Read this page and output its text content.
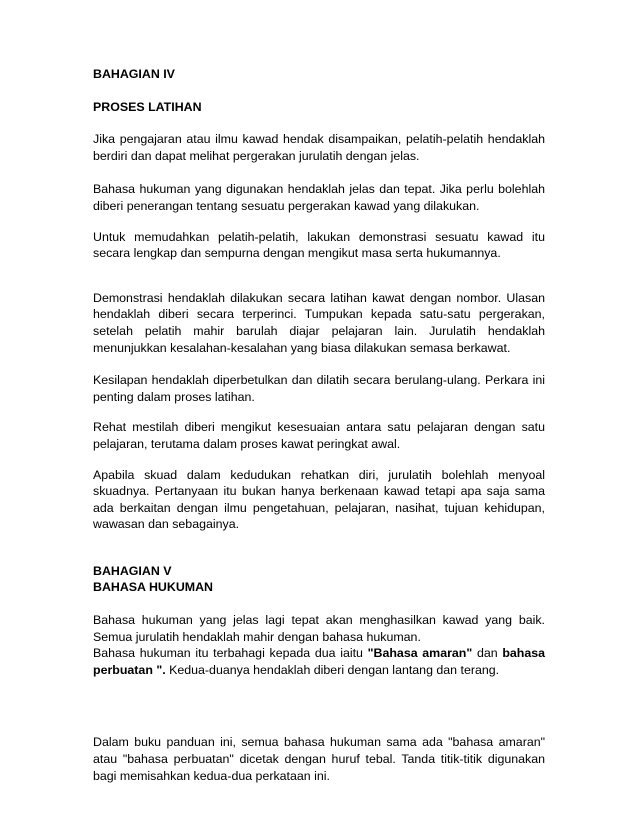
BAHAGIAN IV
PROSES LATIHAN

Jika pengajaran atau ilmu kawad hendak disampaikan, pelatih-pelatih hendaklah berdiri dan dapat melihat pergerakan jurulatih dengan jelas.

Bahasa hukuman yang digunakan hendaklah jelas dan tepat. Jika perlu bolehlah diberi penerangan tentang sesuatu pergerakan kawad yang dilakukan.

Untuk memudahkan pelatih-pelatih, lakukan demonstrasi sesuatu kawad itu secara lengkap dan sempurna dengan mengikut masa serta hukumannya.

Demonstrasi hendaklah dilakukan secara latihan kawat dengan nombor. Ulasan hendaklah diberi secara terperinci. Tumpukan kepada satu-satu pergerakan, setelah pelatih mahir barulah diajar pelajaran lain. Jurulatih hendaklah menunjukkan kesalahan-kesalahan yang biasa dilakukan semasa berkawat.

Kesilapan hendaklah diperbetulkan dan dilatih secara berulang-ulang. Perkara ini penting dalam proses latihan.

Rehat mestilah diberi mengikut kesesuaian antara satu pelajaran dengan satu pelajaran, terutama dalam proses kawat peringkat awal.

Apabila skuad dalam kedudukan rehatkan diri, jurulatih bolehlah menyoal skuadnya. Pertanyaan itu bukan hanya berkenaan kawad tetapi apa saja sama ada berkaitan dengan ilmu pengetahuan, pelajaran, nasihat, tujuan kehidupan, wawasan dan sebagainya.

BAHAGIAN V
BAHASA HUKUMAN

Bahasa hukuman yang jelas lagi tepat akan menghasilkan kawad yang baik. Semua jurulatih hendaklah mahir dengan bahasa hukuman.
Bahasa hukuman itu terbahagi kepada dua iaitu "Bahasa amaran" dan bahasa perbuatan ". Kedua-duanya hendaklah diberi dengan lantang dan terang.

Dalam buku panduan ini, semua bahasa hukuman sama ada "bahasa amaran" atau "bahasa perbuatan" dicetak dengan huruf tebal. Tanda titik-titik digunakan bagi memisahkan kedua-dua perkataan ini.
